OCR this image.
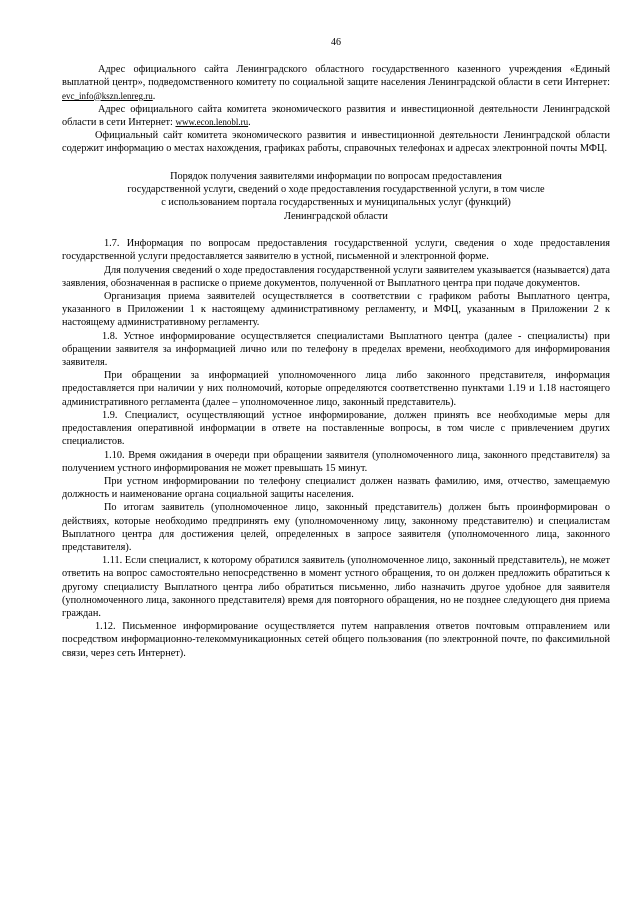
46

Адрес официального сайта Ленинградского областного государственного казенного учреждения «Единый выплатной центр», подведомственного комитету по социальной защите населения Ленинградской области в сети Интернет: evc_info@kszn.lenreg.ru.

Адрес официального сайта комитета экономического развития и инвестиционной деятельности Ленинградской области в сети Интернет: www.econ.lenobl.ru.

Официальный сайт комитета экономического развития и инвестиционной деятельности Ленинградской области содержит информацию о местах нахождения, графиках работы, справочных телефонах и адресах электронной почты МФЦ.

Порядок получения заявителями информации по вопросам предоставления
государственной услуги, сведений о ходе предоставления государственной услуги, в том числе
с использованием портала государственных и муниципальных услуг (функций)
Ленинградской области

1.7. Информация по вопросам предоставления государственной услуги, сведения о ходе предоставления государственной услуги предоставляется заявителю в устной, письменной и электронной форме.

Для получения сведений о ходе предоставления государственной услуги заявителем указывается (называется) дата заявления, обозначенная в расписке о приеме документов, полученной от Выплатного центра при подаче документов.

Организация приема заявителей осуществляется в соответствии с графиком работы Выплатного центра, указанного в Приложении 1 к настоящему административному регламенту, и МФЦ, указанным в Приложении 2 к настоящему административному регламенту.

1.8. Устное информирование осуществляется специалистами Выплатного центра (далее - специалисты) при обращении заявителя за информацией лично или по телефону в пределах времени, необходимого для информирования заявителя.

При обращении за информацией уполномоченного лица либо законного представителя, информация предоставляется при наличии у них полномочий, которые определяются соответственно пунктами 1.19 и 1.18 настоящего административного регламента (далее – уполномоченное лицо, законный представитель).

1.9. Специалист, осуществляющий устное информирование, должен принять все необходимые меры для предоставления оперативной информации в ответе на поставленные вопросы, в том числе с привлечением других специалистов.

1.10. Время ожидания в очереди при обращении заявителя (уполномоченного лица, законного представителя) за получением устного информирования не может превышать 15 минут.

При устном информировании по телефону специалист должен назвать фамилию, имя, отчество, замещаемую должность и наименование органа социальной защиты населения.

По итогам заявитель (уполномоченное лицо, законный представитель) должен быть проинформирован о действиях, которые необходимо предпринять ему (уполномоченному лицу, законному представителю) и специалистам Выплатного центра для достижения целей, определенных в запросе заявителя (уполномоченного лица, законного представителя).

1.11. Если специалист, к которому обратился заявитель (уполномоченное лицо, законный представитель), не может ответить на вопрос самостоятельно непосредственно в момент устного обращения, то он должен предложить обратиться к другому специалисту Выплатного центра либо обратиться письменно, либо назначить другое удобное для заявителя (уполномоченного лица, законного представителя) время для повторного обращения, но не позднее следующего дня приема граждан.

1.12. Письменное информирование осуществляется путем направления ответов почтовым отправлением или посредством информационно-телекоммуникационных сетей общего пользования (по электронной почте, по факсимильной связи, через сеть Интернет).
